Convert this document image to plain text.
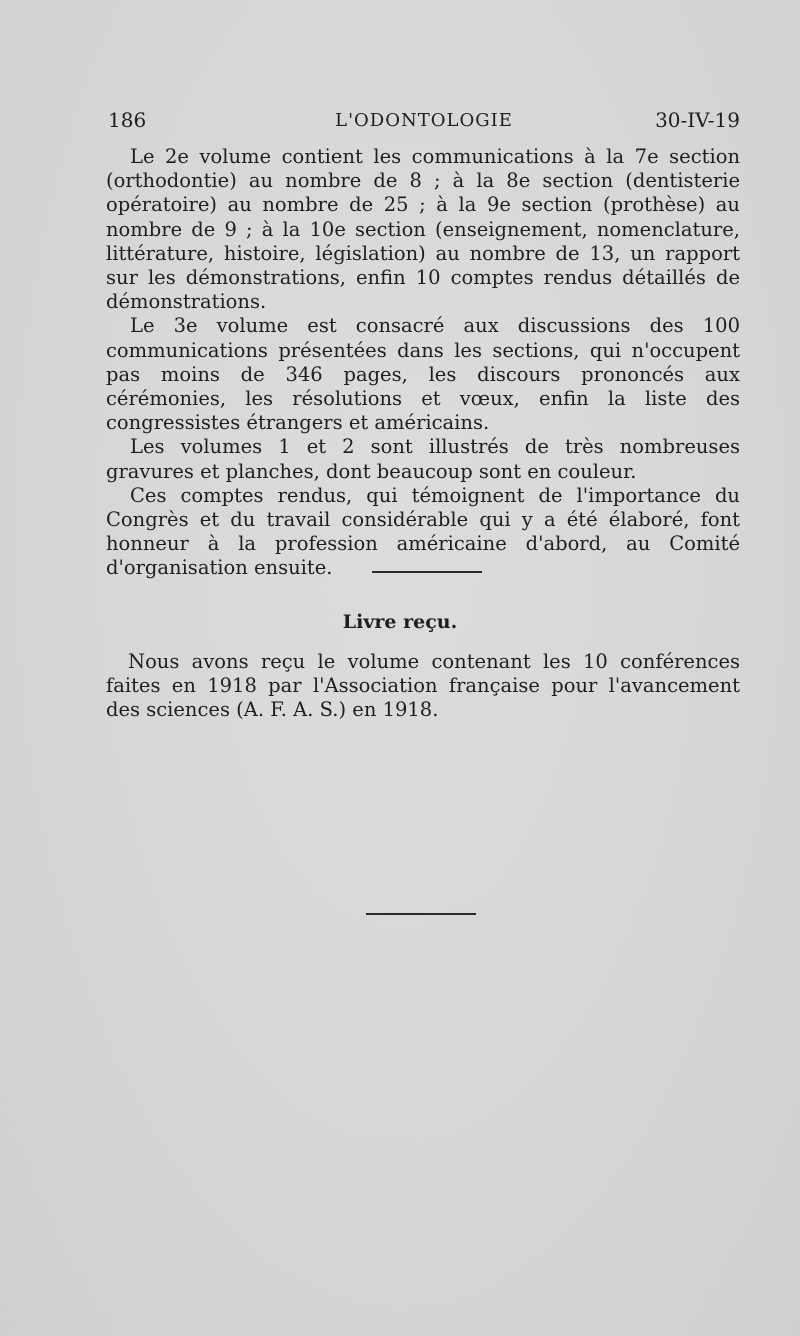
186	L'ODONTOLOGIE	30-IV-19

Le 2e volume contient les communications à la 7e section (orthodontie) au nombre de 8 ; à la 8e section (dentisterie opératoire) au nombre de 25 ; à la 9e section (prothèse) au nombre de 9 ; à la 10e section (enseignement, nomenclature, littérature, histoire, législation) au nombre de 13, un rapport sur les démonstrations, enfin 10 comptes rendus détaillés de démonstrations.

Le 3e volume est consacré aux discussions des 100 communications présentées dans les sections, qui n'occupent pas moins de 346 pages, les discours prononcés aux cérémonies, les résolutions et vœux, enfin la liste des congressistes étrangers et américains.

Les volumes 1 et 2 sont illustrés de très nombreuses gravures et planches, dont beaucoup sont en couleur.

Ces comptes rendus, qui témoignent de l'importance du Congrès et du travail considérable qui y a été élaboré, font honneur à la profession américaine d'abord, au Comité d'organisation ensuite.

Livre reçu.

Nous avons reçu le volume contenant les 10 conférences faites en 1918 par l'Association française pour l'avancement des sciences (A. F. A. S.) en 1918.
